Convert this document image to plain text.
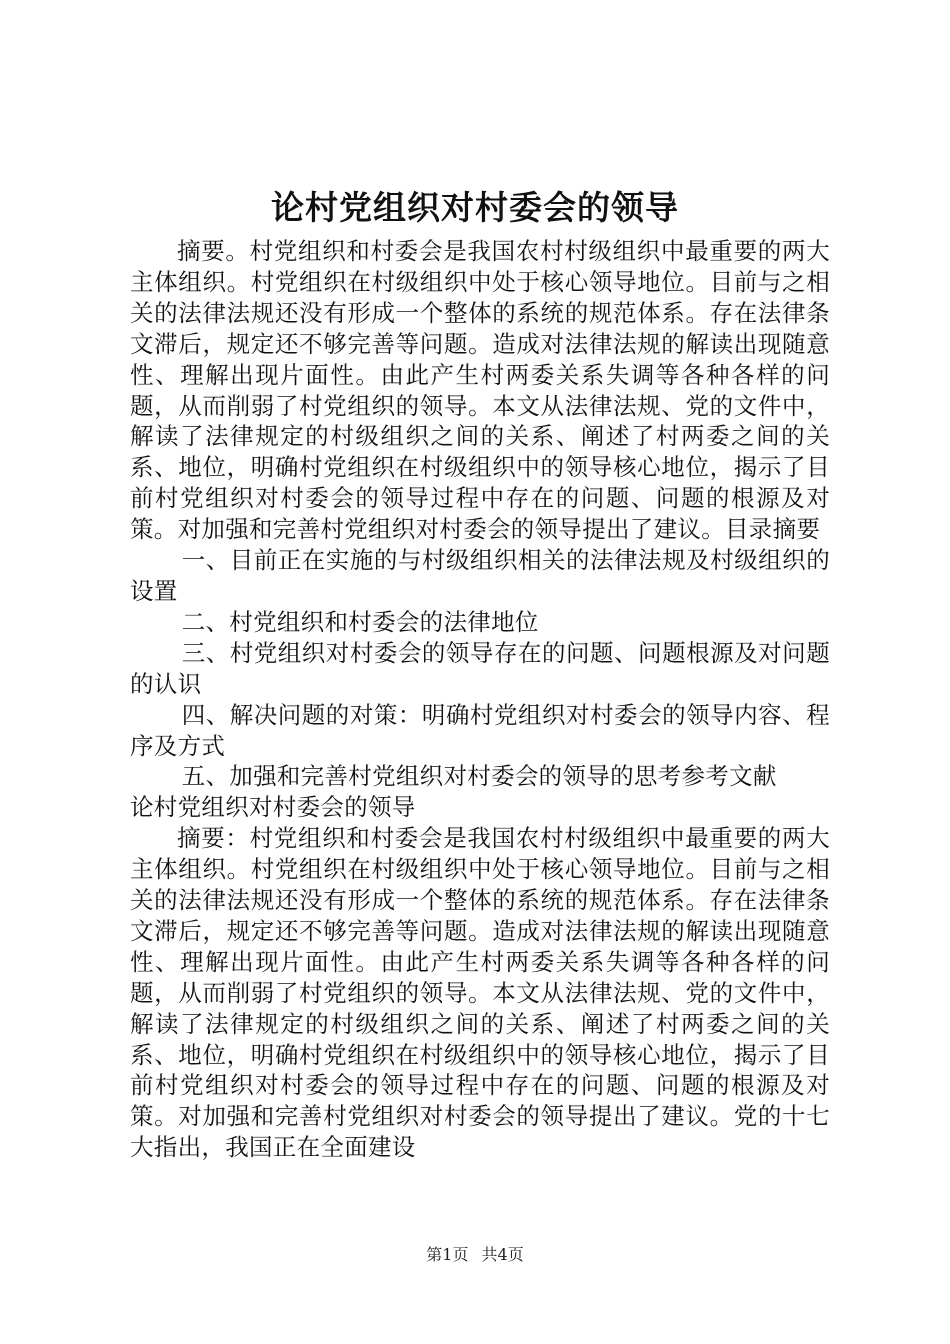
论村党组织对村委会的领导

摘要。村党组织和村委会是我国农村村级组织中最重要的两大主体组织。村党组织在村级组织中处于核心领导地位。目前与之相关的法律法规还没有形成一个整体的系统的规范体系。存在法律条文滞后，规定还不够完善等问题。造成对法律法规的解读出现随意性、理解出现片面性。由此产生村两委关系失调等各种各样的问题，从而削弱了村党组织的领导。本文从法律法规、党的文件中，解读了法律规定的村级组织之间的关系、阐述了村两委之间的关系、地位，明确村党组织在村级组织中的领导核心地位，揭示了目前村党组织对村委会的领导过程中存在的问题、问题的根源及对策。对加强和完善村党组织对村委会的领导提出了建议。目录摘要

一、目前正在实施的与村级组织相关的法律法规及村级组织的设置

二、村党组织和村委会的法律地位

三、村党组织对村委会的领导存在的问题、问题根源及对问题的认识

四、解决问题的对策：明确村党组织对村委会的领导内容、程序及方式

五、加强和完善村党组织对村委会的领导的思考参考文献

论村党组织对村委会的领导

摘要：村党组织和村委会是我国农村村级组织中最重要的两大主体组织。村党组织在村级组织中处于核心领导地位。目前与之相关的法律法规还没有形成一个整体的系统的规范体系。存在法律条文滞后，规定还不够完善等问题。造成对法律法规的解读出现随意性、理解出现片面性。由此产生村两委关系失调等各种各样的问题，从而削弱了村党组织的领导。本文从法律法规、党的文件中，解读了法律规定的村级组织之间的关系、阐述了村两委之间的关系、地位，明确村党组织在村级组织中的领导核心地位，揭示了目前村党组织对村委会的领导过程中存在的问题、问题的根源及对策。对加强和完善村党组织对村委会的领导提出了建议。党的十七大指出，我国正在全面建设

第1页 共4页
